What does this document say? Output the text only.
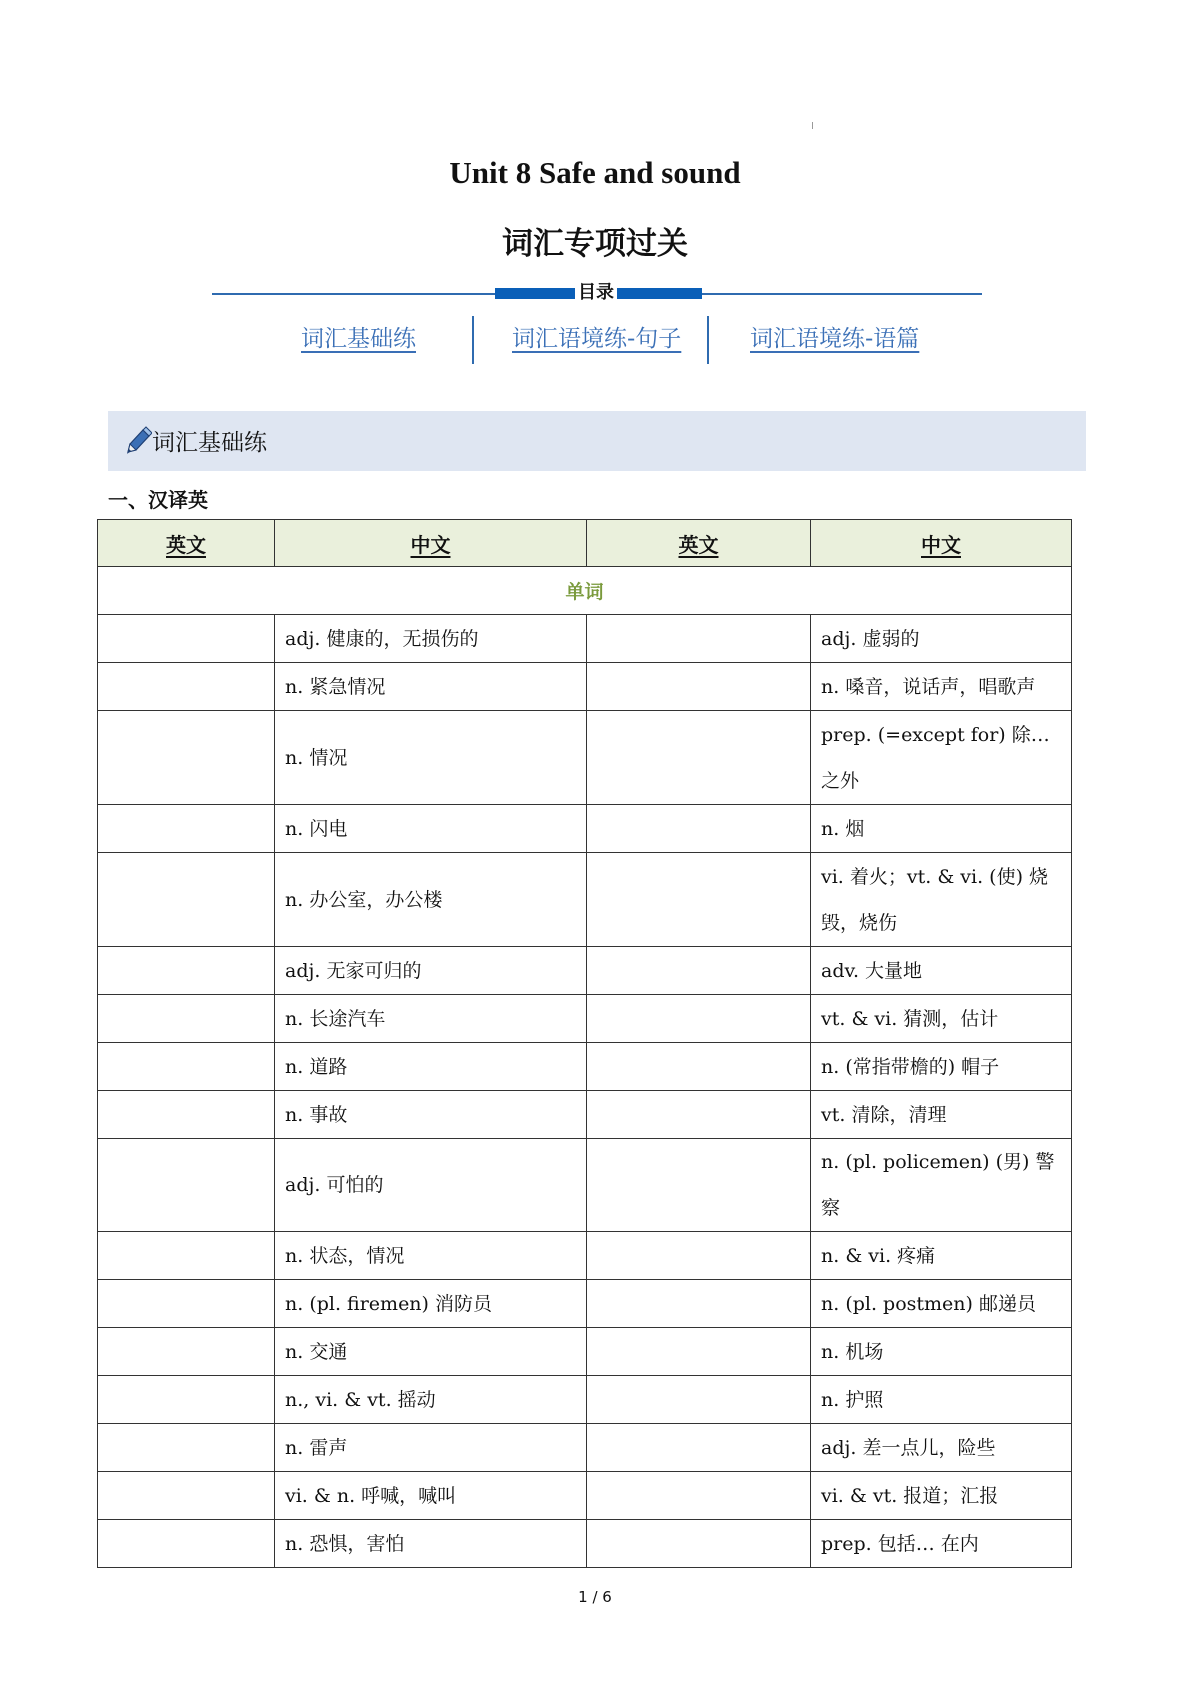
Unit 8 Safe and sound
词汇专项过关
目录
词汇基础练	词汇语境练-句子	词汇语境练-语篇
词汇基础练
一、汉译英
英文	中文	英文	中文
单词			
	adj. 健康的，无损伤的		adj. 虚弱的
	n. 紧急情况		n. 嗓音，说话声，唱歌声
	n. 情况		prep. (=except for) 除… 之外
	n. 闪电		n. 烟
	n. 办公室，办公楼		vi. 着火；vt. & vi. (使) 烧毁，烧伤
	adj. 无家可归的		adv. 大量地
	n. 长途汽车		vt. & vi. 猜测，估计
	n. 道路		n. (常指带檐的) 帽子
	n. 事故		vt. 清除，清理
	adj. 可怕的		n. (pl. policemen) (男) 警察
	n. 状态，情况		n. & vi. 疼痛
	n. (pl. firemen) 消防员		n. (pl. postmen) 邮递员
	n. 交通		n. 机场
	n., vi. & vt. 摇动		n. 护照
	n. 雷声		adj. 差一点儿，险些
	vi. & n. 呼喊，喊叫		vi. & vt. 报道；汇报
	n. 恐惧，害怕		prep. 包括… 在内
1 / 6
